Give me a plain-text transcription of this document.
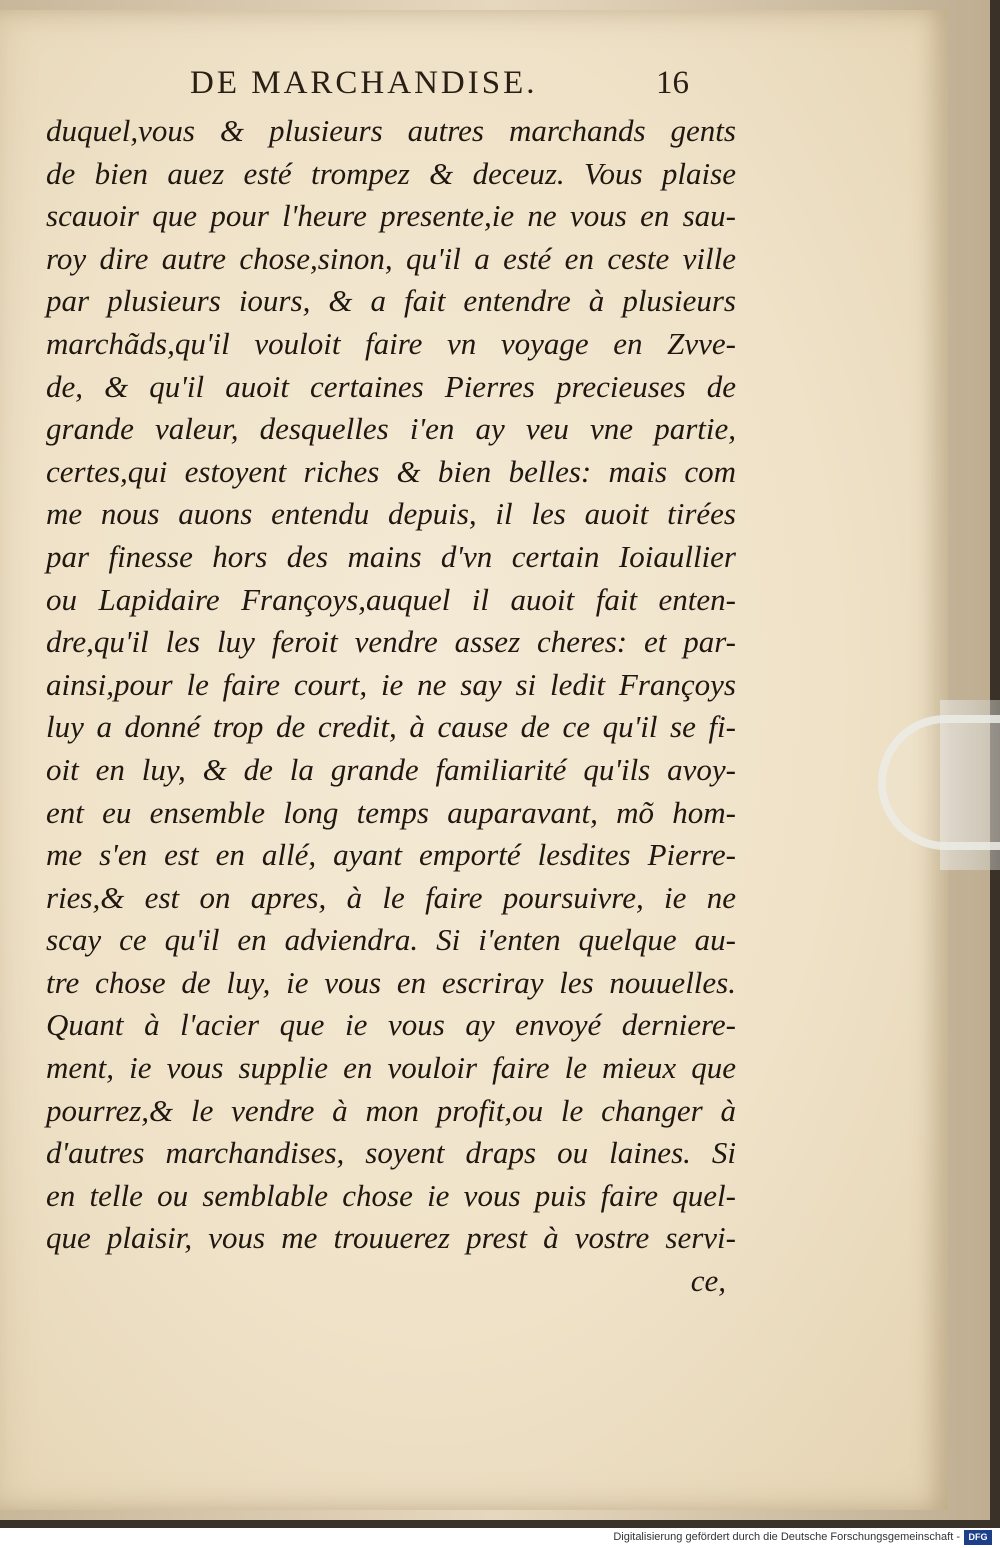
DE MARCHANDISE.	16
duquel,vous & plusieurs autres marchands gents
de bien auez esté trompez & deceuz. Vous plaise
scauoir que pour l'heure presente,ie ne vous en sau-
roy dire autre chose,sinon, qu'il a esté en ceste ville
par plusieurs iours, & a fait entendre à plusieurs
marchãds,qu'il vouloit faire vn voyage en Zvve-
de, & qu'il auoit certaines Pierres precieuses de
grande valeur, desquelles i'en ay veu vne partie,
certes,qui estoyent riches & bien belles: mais com
me nous auons entendu depuis, il les auoit tirées
par finesse hors des mains d'vn certain Ioiaullier
ou Lapidaire Françoys,auquel il auoit fait enten-
dre,qu'il les luy feroit vendre assez cheres: et par-
ainsi,pour le faire court, ie ne say si ledit Françoys
luy a donné trop de credit, à cause de ce qu'il se fi-
oit en luy, & de la grande familiarité qu'ils avoy-
ent eu ensemble long temps auparavant, mõ hom-
me s'en est en allé, ayant emporté lesdites Pierre-
ries,& est on apres, à le faire poursuivre, ie ne
scay ce qu'il en adviendra. Si i'enten quelque au-
tre chose de luy, ie vous en escriray les nouuelles.
Quant à l'acier que ie vous ay envoyé derniere-
ment, ie vous supplie en vouloir faire le mieux que
pourrez,& le vendre à mon profit,ou le changer à
d'autres marchandises, soyent draps ou laines. Si
en telle ou semblable chose ie vous puis faire quel-
que plaisir, vous me trouuerez prest à vostre servi-
ce,
Digitalisierung gefördert durch die Deutsche Forschungsgemeinschaft - DFG
